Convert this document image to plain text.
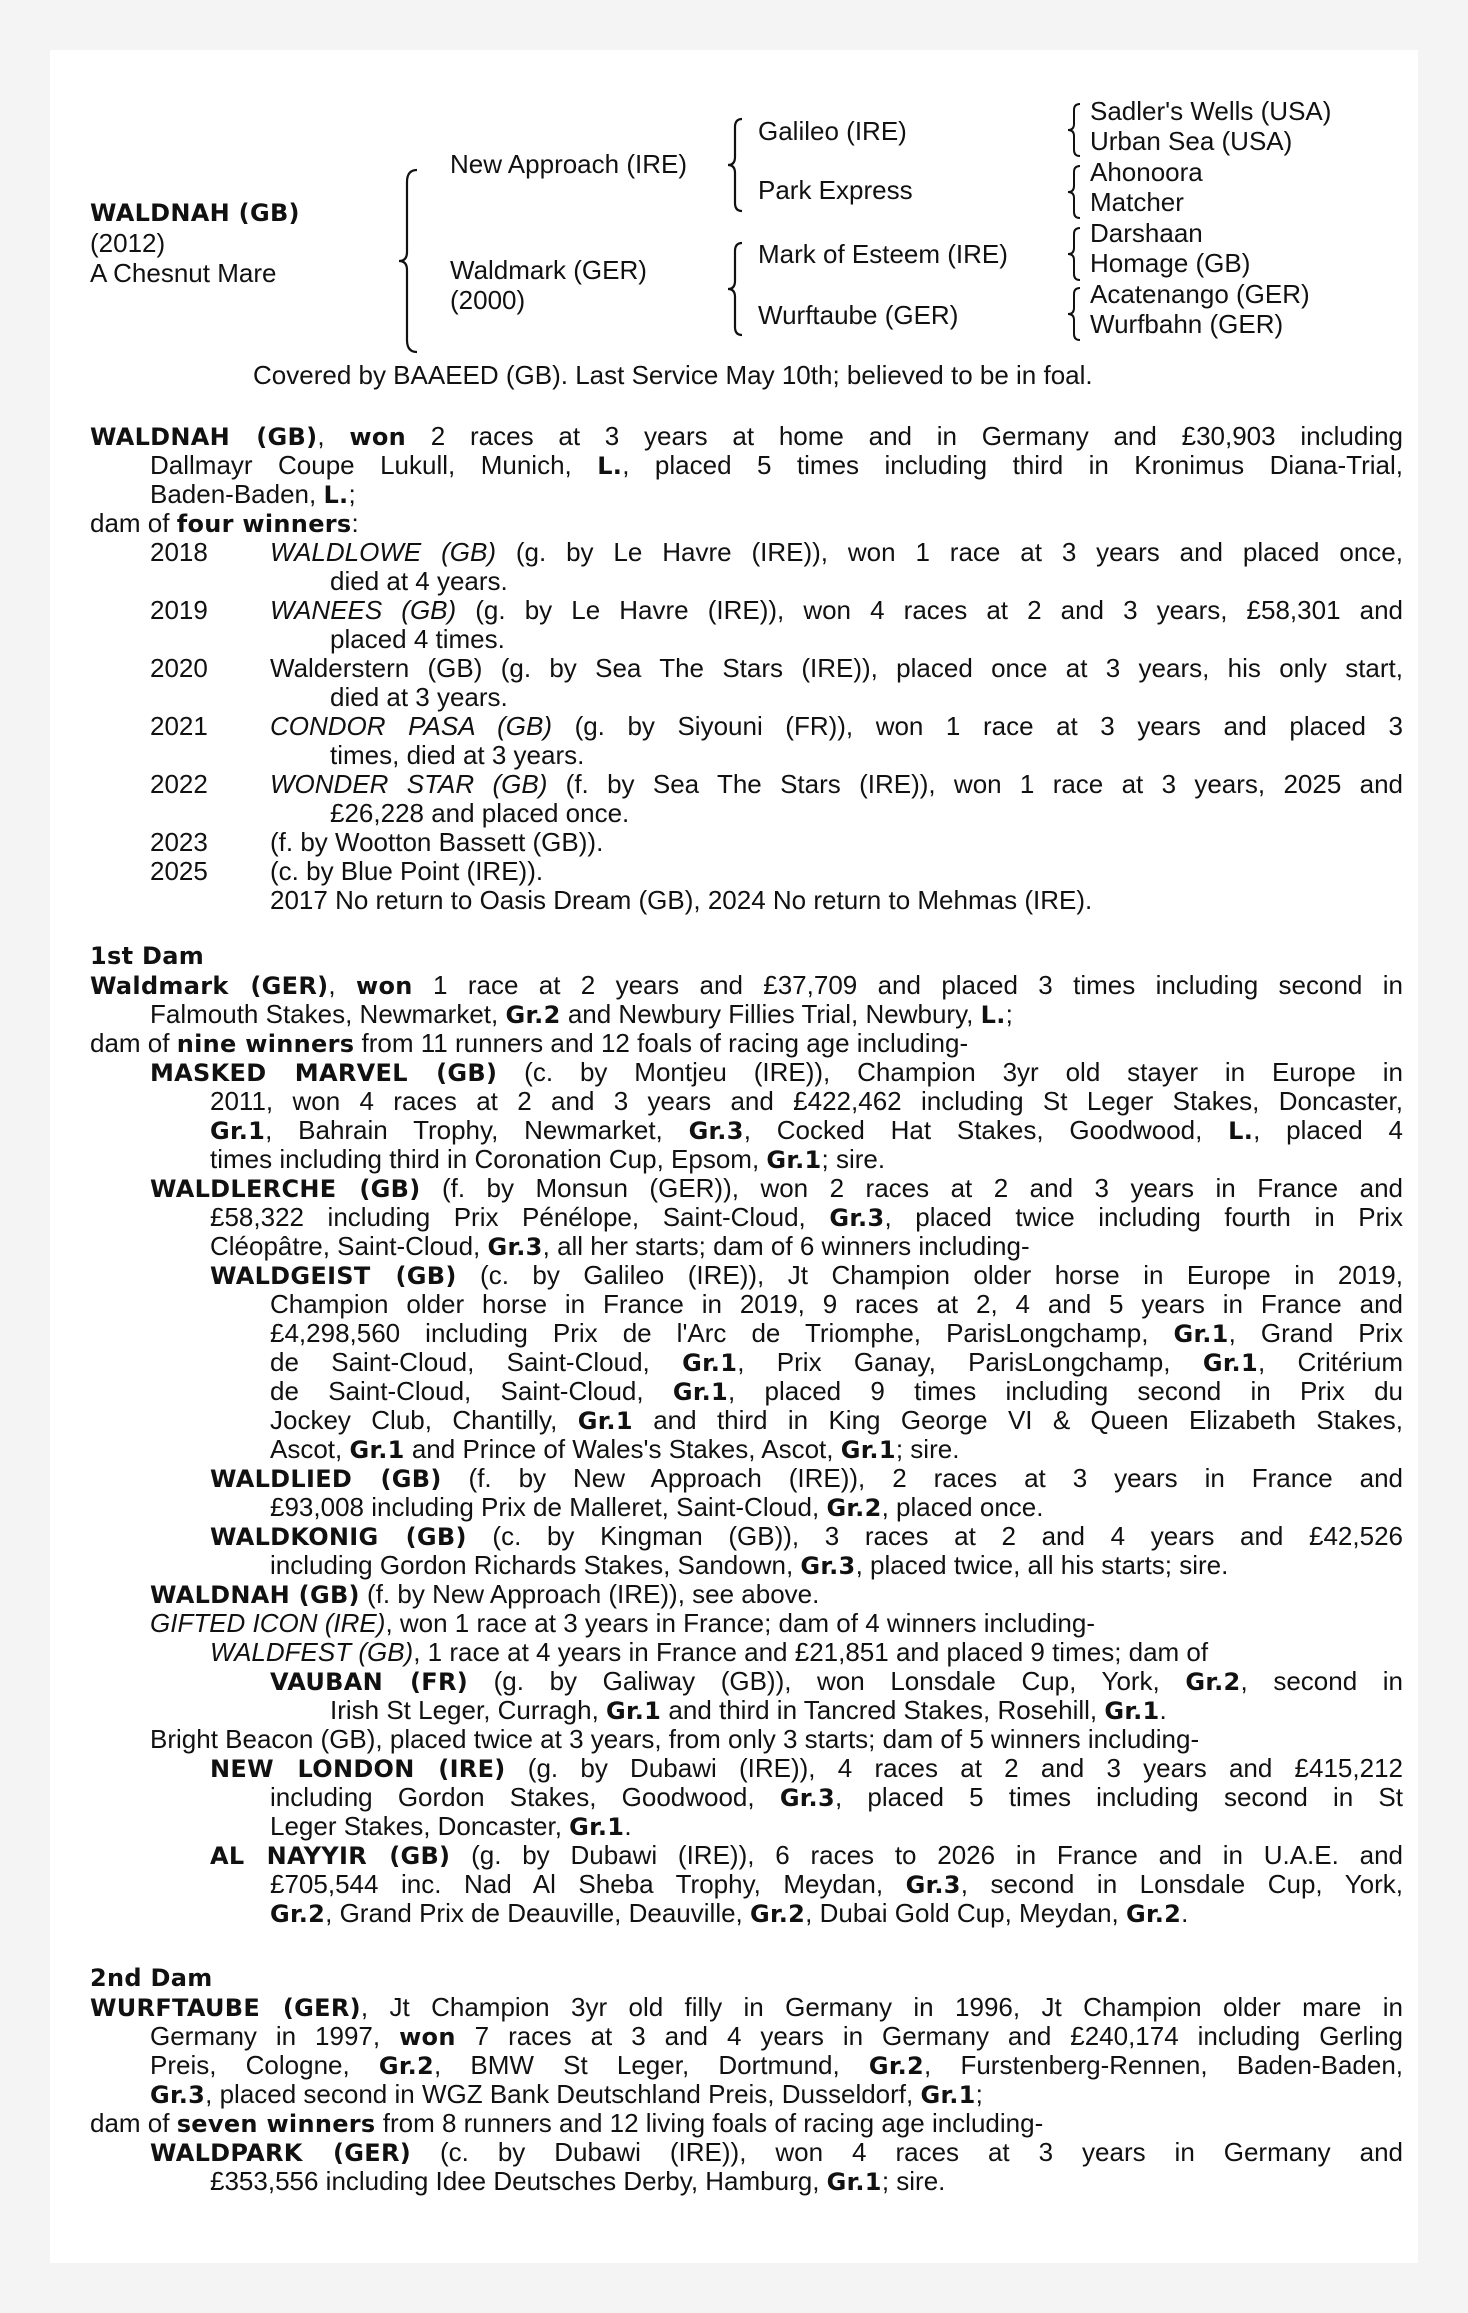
WALDNAH (GB)
(2012)
A Chesnut Mare
New Approach (IRE)
Waldmark (GER)
(2000)
Galileo (IRE)
Park Express
Mark of Esteem (IRE)
Wurftaube (GER)
Sadler's Wells (USA)
Urban Sea (USA)
Ahonoora
Matcher
Darshaan
Homage (GB)
Acatenango (GER)
Wurfbahn (GER)
Covered by BAAEED (GB). Last Service May 10th; believed to be in foal.
WALDNAH (GB), won 2 races at 3 years at home and in Germany and £30,903 including
Dallmayr Coupe Lukull, Munich, L., placed 5 times including third in Kronimus Diana-Trial,
Baden-Baden, L.;
dam of four winners:
2018 WALDLOWE (GB) (g. by Le Havre (IRE)), won 1 race at 3 years and placed once,
died at 4 years.
2019 WANEES (GB) (g. by Le Havre (IRE)), won 4 races at 2 and 3 years, £58,301 and
placed 4 times.
2020 Walderstern (GB) (g. by Sea The Stars (IRE)), placed once at 3 years, his only start,
died at 3 years.
2021 CONDOR PASA (GB) (g. by Siyouni (FR)), won 1 race at 3 years and placed 3
times, died at 3 years.
2022 WONDER STAR (GB) (f. by Sea The Stars (IRE)), won 1 race at 3 years, 2025 and
£26,228 and placed once.
2023 (f. by Wootton Bassett (GB)).
2025 (c. by Blue Point (IRE)).
2017 No return to Oasis Dream (GB), 2024 No return to Mehmas (IRE).
1st Dam
Waldmark (GER), won 1 race at 2 years and £37,709 and placed 3 times including second in
Falmouth Stakes, Newmarket, Gr.2 and Newbury Fillies Trial, Newbury, L.;
dam of nine winners from 11 runners and 12 foals of racing age including-
MASKED MARVEL (GB) (c. by Montjeu (IRE)), Champion 3yr old stayer in Europe in
2011, won 4 races at 2 and 3 years and £422,462 including St Leger Stakes, Doncaster,
Gr.1, Bahrain Trophy, Newmarket, Gr.3, Cocked Hat Stakes, Goodwood, L., placed 4
times including third in Coronation Cup, Epsom, Gr.1; sire.
WALDLERCHE (GB) (f. by Monsun (GER)), won 2 races at 2 and 3 years in France and
£58,322 including Prix Pénélope, Saint-Cloud, Gr.3, placed twice including fourth in Prix
Cléopâtre, Saint-Cloud, Gr.3, all her starts; dam of 6 winners including-
WALDGEIST (GB) (c. by Galileo (IRE)), Jt Champion older horse in Europe in 2019,
Champion older horse in France in 2019, 9 races at 2, 4 and 5 years in France and
£4,298,560 including Prix de l'Arc de Triomphe, ParisLongchamp, Gr.1, Grand Prix
de Saint-Cloud, Saint-Cloud, Gr.1, Prix Ganay, ParisLongchamp, Gr.1, Critérium
de Saint-Cloud, Saint-Cloud, Gr.1, placed 9 times including second in Prix du
Jockey Club, Chantilly, Gr.1 and third in King George VI & Queen Elizabeth Stakes,
Ascot, Gr.1 and Prince of Wales's Stakes, Ascot, Gr.1; sire.
WALDLIED (GB) (f. by New Approach (IRE)), 2 races at 3 years in France and
£93,008 including Prix de Malleret, Saint-Cloud, Gr.2, placed once.
WALDKONIG (GB) (c. by Kingman (GB)), 3 races at 2 and 4 years and £42,526
including Gordon Richards Stakes, Sandown, Gr.3, placed twice, all his starts; sire.
WALDNAH (GB) (f. by New Approach (IRE)), see above.
GIFTED ICON (IRE), won 1 race at 3 years in France; dam of 4 winners including-
WALDFEST (GB), 1 race at 4 years in France and £21,851 and placed 9 times; dam of
VAUBAN (FR) (g. by Galiway (GB)), won Lonsdale Cup, York, Gr.2, second in
Irish St Leger, Curragh, Gr.1 and third in Tancred Stakes, Rosehill, Gr.1.
Bright Beacon (GB), placed twice at 3 years, from only 3 starts; dam of 5 winners including-
NEW LONDON (IRE) (g. by Dubawi (IRE)), 4 races at 2 and 3 years and £415,212
including Gordon Stakes, Goodwood, Gr.3, placed 5 times including second in St
Leger Stakes, Doncaster, Gr.1.
AL NAYYIR (GB) (g. by Dubawi (IRE)), 6 races to 2026 in France and in U.A.E. and
£705,544 inc. Nad Al Sheba Trophy, Meydan, Gr.3, second in Lonsdale Cup, York,
Gr.2, Grand Prix de Deauville, Deauville, Gr.2, Dubai Gold Cup, Meydan, Gr.2.
2nd Dam
WURFTAUBE (GER), Jt Champion 3yr old filly in Germany in 1996, Jt Champion older mare in
Germany in 1997, won 7 races at 3 and 4 years in Germany and £240,174 including Gerling
Preis, Cologne, Gr.2, BMW St Leger, Dortmund, Gr.2, Furstenberg-Rennen, Baden-Baden,
Gr.3, placed second in WGZ Bank Deutschland Preis, Dusseldorf, Gr.1;
dam of seven winners from 8 runners and 12 living foals of racing age including-
WALDPARK (GER) (c. by Dubawi (IRE)), won 4 races at 3 years in Germany and
£353,556 including Idee Deutsches Derby, Hamburg, Gr.1; sire.
